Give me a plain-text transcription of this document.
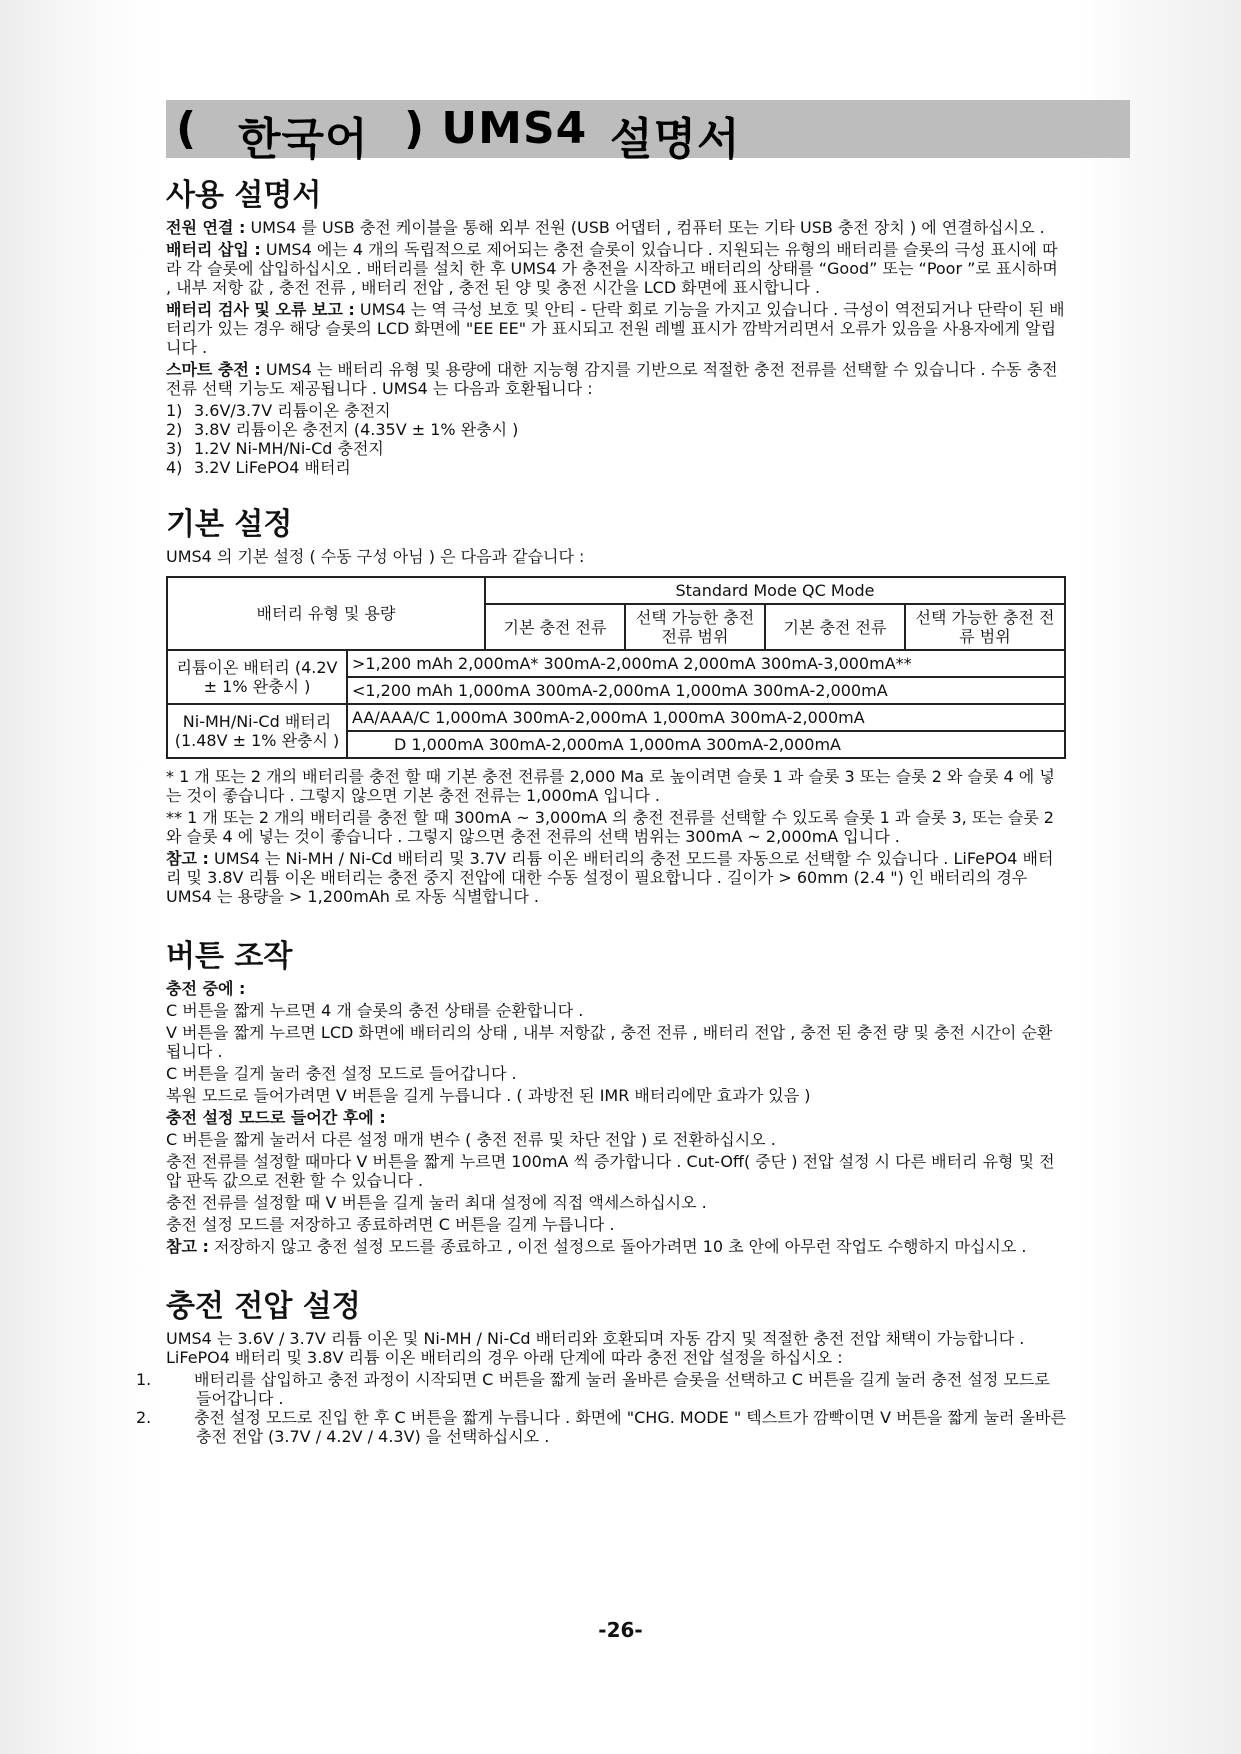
( 한국어 ) UMS4 설명서
사용 설명서

전원 연결 : UMS4 를 USB 충전 케이블을 통해 외부 전원 (USB 어댑터 , 컴퓨터 또는 기타 USB 충전 장치 ) 에 연결하십시오 .

배터리 삽입 : UMS4 에는 4 개의 독립적으로 제어되는 충전 슬롯이 있습니다 . 지원되는 유형의 배터리를 슬롯의 극성 표시에 따라 각 슬롯에 삽입하십시오 . 배터리를 설치 한 후 UMS4 가 충전을 시작하고 배터리의 상태를 “Good” 또는 “Poor ”로 표시하며 , 내부 저항 값 , 충전 전류 , 배터리 전압 , 충전 된 양 및 충전 시간을 LCD 화면에 표시합니다 .

배터리 검사 및 오류 보고 : UMS4 는 역 극성 보호 및 안티 - 단락 회로 기능을 가지고 있습니다 . 극성이 역전되거나 단락이 된 배터리가 있는 경우 해당 슬롯의 LCD 화면에 "EE EE" 가 표시되고 전원 레벨 표시가 깜박거리면서 오류가 있음을 사용자에게 알립니다 .

스마트 충전 : UMS4 는 배터리 유형 및 용량에 대한 지능형 감지를 기반으로 적절한 충전 전류를 선택할 수 있습니다 . 수동 충전 전류 선택 기능도 제공됩니다 . UMS4 는 다음과 호환됩니다 :

1) 3.6V/3.7V 리튬이온 충전지
2) 3.8V 리튬이온 충전지 (4.35V ± 1% 완충시 )
3) 1.2V Ni-MH/Ni-Cd 충전지
4) 3.2V LiFePO4 배터리
기본 설정

UMS4 의 기본 설정 ( 수동 구성 아님 ) 은 다음과 같습니다 :

배터리 유형 및 용량		Standard Mode QC Mode			
		기본 충전 전류	선택 가능한 충전 전류 범위	기본 충전 전류	선택 가능한 충전 전류 범위
리튬이온 배터리 (4.2V ± 1% 완충시 )	>1,200 mAh 2,000mA* 300mA-2,000mA 2,000mA 300mA-3,000mA**				
	<1,200 mAh 1,000mA 300mA-2,000mA 1,000mA 300mA-2,000mA				
Ni-MH/Ni-Cd 배터리 (1.48V ± 1% 완충시 )	AA/AAA/C 1,000mA 300mA-2,000mA 1,000mA 300mA-2,000mA				
	D 1,000mA 300mA-2,000mA 1,000mA 300mA-2,000mA				

* 1 개 또는 2 개의 배터리를 충전 할 때 기본 충전 전류를 2,000 Ma 로 높이려면 슬롯 1 과 슬롯 3 또는 슬롯 2 와 슬롯 4 에 넣는 것이 좋습니다 . 그렇지 않으면 기본 충전 전류는 1,000mA 입니다 .

** 1 개 또는 2 개의 배터리를 충전 할 때 300mA ~ 3,000mA 의 충전 전류를 선택할 수 있도록 슬롯 1 과 슬롯 3, 또는 슬롯 2 와 슬롯 4 에 넣는 것이 좋습니다 . 그렇지 않으면 충전 전류의 선택 범위는 300mA ~ 2,000mA 입니다 .

참고 : UMS4 는 Ni-MH / Ni-Cd 배터리 및 3.7V 리튬 이온 배터리의 충전 모드를 자동으로 선택할 수 있습니다 . LiFePO4 배터리 및 3.8V 리튬 이온 배터리는 충전 중지 전압에 대한 수동 설정이 필요합니다 . 길이가 > 60mm (2.4 ") 인 배터리의 경우 UMS4 는 용량을 > 1,200mAh 로 자동 식별합니다 .

버튼 조작

충전 중에 :

C 버튼을 짧게 누르면 4 개 슬롯의 충전 상태를 순환합니다 .

V 버튼을 짧게 누르면 LCD 화면에 배터리의 상태 , 내부 저항값 , 충전 전류 , 배터리 전압 , 충전 된 충전 량 및 충전 시간이 순환됩니다 .

C 버튼을 길게 눌러 충전 설정 모드로 들어갑니다 .

복원 모드로 들어가려면 V 버튼을 길게 누릅니다 . ( 과방전 된 IMR 배터리에만 효과가 있음 )

충전 설정 모드로 들어간 후에 :

C 버튼을 짧게 눌러서 다른 설정 매개 변수 ( 충전 전류 및 차단 전압 ) 로 전환하십시오 .

충전 전류를 설정할 때마다 V 버튼을 짧게 누르면 100mA 씩 증가합니다 . Cut-Off( 중단 ) 전압 설정 시 다른 배터리 유형 및 전압 판독 값으로 전환 할 수 있습니다 .

충전 전류를 설정할 때 V 버튼을 길게 눌러 최대 설정에 직접 액세스하십시오 .

충전 설정 모드를 저장하고 종료하려면 C 버튼을 길게 누릅니다 .

참고 : 저장하지 않고 충전 설정 모드를 종료하고 , 이전 설정으로 돌아가려면 10 초 안에 아무런 작업도 수행하지 마십시오 .

충전 전압 설정

UMS4 는 3.6V / 3.7V 리튬 이온 및 Ni-MH / Ni-Cd 배터리와 호환되며 자동 감지 및 적절한 충전 전압 채택이 가능합니다 . LiFePO4 배터리 및 3.8V 리튬 이온 배터리의 경우 아래 단계에 따라 충전 전압 설정을 하십시오 :

1.	배터리를 삽입하고 충전 과정이 시작되면 C 버튼을 짧게 눌러 올바른 슬롯을 선택하고 C 버튼을 길게 눌러 충전 설정 모드로 들어갑니다 .
2.	충전 설정 모드로 진입 한 후 C 버튼을 짧게 누릅니다 . 화면에 "CHG. MODE " 텍스트가 깜빡이면 V 버튼을 짧게 눌러 올바른 충전 전압 (3.7V / 4.2V / 4.3V) 을 선택하십시오 .
-26-
